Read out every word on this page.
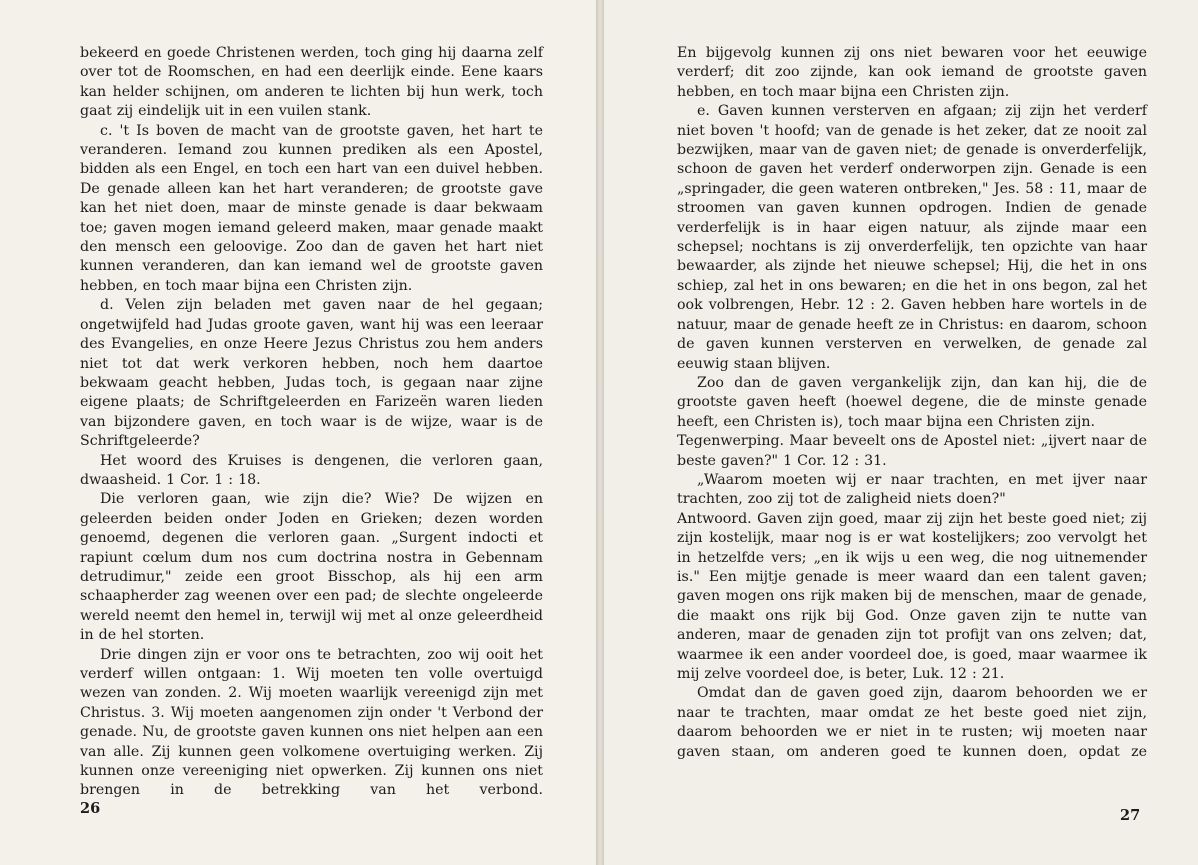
bekeerd en goede Christenen werden, toch ging hij daarna zelf over tot de Roomschen, en had een deerlijk einde. Eene kaars kan helder schijnen, om anderen te lichten bij hun werk, toch gaat zij eindelijk uit in een vuilen stank.

c. 't Is boven de macht van de grootste gaven, het hart te veranderen. Iemand zou kunnen prediken als een Apostel, bidden als een Engel, en toch een hart van een duivel hebben. De genade alleen kan het hart veranderen; de grootste gave kan het niet doen, maar de minste genade is daar bekwaam toe; gaven mogen iemand geleerd maken, maar genade maakt den mensch een geloovige. Zoo dan de gaven het hart niet kunnen veranderen, dan kan iemand wel de grootste gaven hebben, en toch maar bijna een Christen zijn.

d. Velen zijn beladen met gaven naar de hel gegaan; ongetwijfeld had Judas groote gaven, want hij was een leeraar des Evangelies, en onze Heere Jezus Christus zou hem anders niet tot dat werk verkoren hebben, noch hem daartoe bekwaam geacht hebben, Judas toch, is gegaan naar zijne eigene plaats; de Schriftgeleerden en Farizeën waren lieden van bijzondere gaven, en toch waar is de wijze, waar is de Schriftgeleerde?

Het woord des Kruises is dengenen, die verloren gaan, dwaasheid. 1 Cor. 1 : 18.

Die verloren gaan, wie zijn die? Wie? De wijzen en geleerden beiden onder Joden en Grieken; dezen worden genoemd, degenen die verloren gaan. „Surgent indocti et rapiunt cœlum dum nos cum doctrina nostra in Gebennam detrudimur," zeide een groot Bisschop, als hij een arm schaapherder zag weenen over een pad; de slechte ongeleerde wereld neemt den hemel in, terwijl wij met al onze geleerdheid in de hel storten.

Drie dingen zijn er voor ons te betrachten, zoo wij ooit het verderf willen ontgaan: 1. Wij moeten ten volle overtuigd wezen van zonden. 2. Wij moeten waarlijk vereenigd zijn met Christus. 3. Wij moeten aangenomen zijn onder 't Verbond der genade. Nu, de grootste gaven kunnen ons niet helpen aan een van alle. Zij kunnen geen volkomene overtuiging werken. Zij kunnen onze vereeniging niet opwerken. Zij kunnen ons niet brengen in de betrekking van het verbond.

26

En bijgevolg kunnen zij ons niet bewaren voor het eeuwige verderf; dit zoo zijnde, kan ook iemand de grootste gaven hebben, en toch maar bijna een Christen zijn.

e. Gaven kunnen versterven en afgaan; zij zijn het verderf niet boven 't hoofd; van de genade is het zeker, dat ze nooit zal bezwijken, maar van de gaven niet; de genade is onverderfelijk, schoon de gaven het verderf onderworpen zijn. Genade is een „springader, die geen wateren ontbreken," Jes. 58 : 11, maar de stroomen van gaven kunnen opdrogen. Indien de genade verderfelijk is in haar eigen natuur, als zijnde maar een schepsel; nochtans is zij onverderfelijk, ten opzichte van haar bewaarder, als zijnde het nieuwe schepsel; Hij, die het in ons schiep, zal het in ons bewaren; en die het in ons begon, zal het ook volbrengen, Hebr. 12 : 2. Gaven hebben hare wortels in de natuur, maar de genade heeft ze in Christus: en daarom, schoon de gaven kunnen versterven en verwelken, de genade zal eeuwig staan blijven.

Zoo dan de gaven vergankelijk zijn, dan kan hij, die de grootste gaven heeft (hoewel degene, die de minste genade heeft, een Christen is), toch maar bijna een Christen zijn.

Tegenwerping. Maar beveelt ons de Apostel niet: „ijvert naar de beste gaven?" 1 Cor. 12 : 31.

„Waarom moeten wij er naar trachten, en met ijver naar trachten, zoo zij tot de zaligheid niets doen?"

Antwoord. Gaven zijn goed, maar zij zijn het beste goed niet; zij zijn kostelijk, maar nog is er wat kostelijkers; zoo vervolgt het in hetzelfde vers; „en ik wijs u een weg, die nog uitnemender is." Een mijtje genade is meer waard dan een talent gaven; gaven mogen ons rijk maken bij de menschen, maar de genade, die maakt ons rijk bij God. Onze gaven zijn te nutte van anderen, maar de genaden zijn tot profijt van ons zelven; dat, waarmee ik een ander voordeel doe, is goed, maar waarmee ik mij zelve voordeel doe, is beter, Luk. 12 : 21.

Omdat dan de gaven goed zijn, daarom behoorden we er naar te trachten, maar omdat ze het beste goed niet zijn, daarom behoorden we er niet in te rusten; wij moeten naar gaven staan, om anderen goed te kunnen doen, opdat ze

27
